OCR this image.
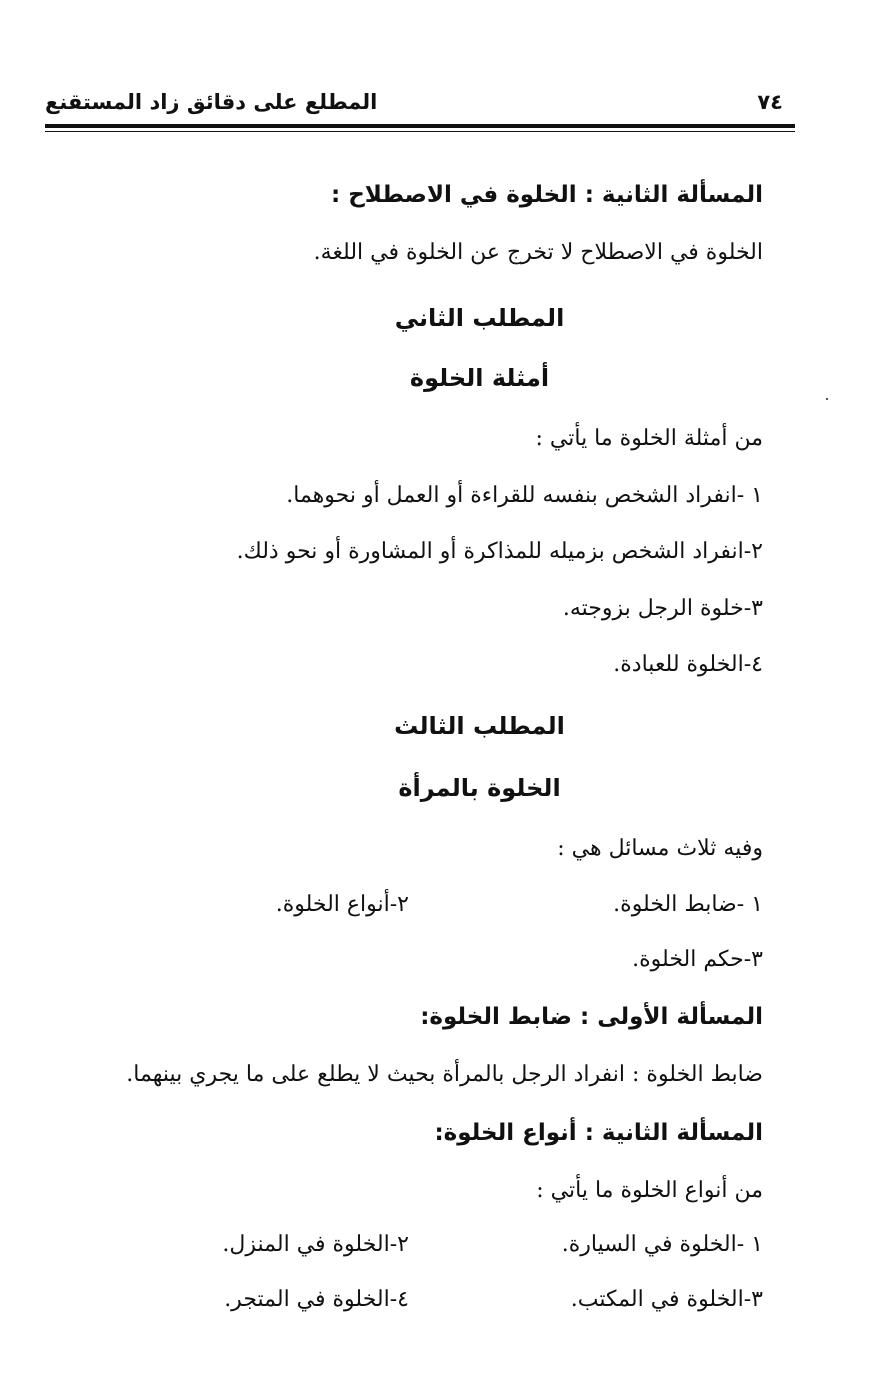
٧٤
المطلع على دقائق زاد المستقنع
المسألة الثانية : الخلوة في الاصطلاح :
الخلوة في الاصطلاح لا تخرج عن الخلوة في اللغة.
المطلب الثاني
أمثلة الخلوة
من أمثلة الخلوة ما يأتي :
١ -انفراد الشخص بنفسه للقراءة أو العمل أو نحوهما.
٢-انفراد الشخص بزميله للمذاكرة أو المشاورة أو نحو ذلك.
٣-خلوة الرجل بزوجته.
٤-الخلوة للعبادة.
المطلب الثالث
الخلوة بالمرأة
وفيه ثلاث مسائل هي :
١ -ضابط الخلوة.
٢-أنواع الخلوة.
٣-حكم الخلوة.
المسألة الأولى : ضابط الخلوة:
ضابط الخلوة : انفراد الرجل بالمرأة بحيث لا يطلع على ما يجري بينهما.
المسألة الثانية : أنواع الخلوة:
من أنواع الخلوة ما يأتي :
١ -الخلوة في السيارة.
٢-الخلوة في المنزل.
٣-الخلوة في المكتب.
٤-الخلوة في المتجر.
